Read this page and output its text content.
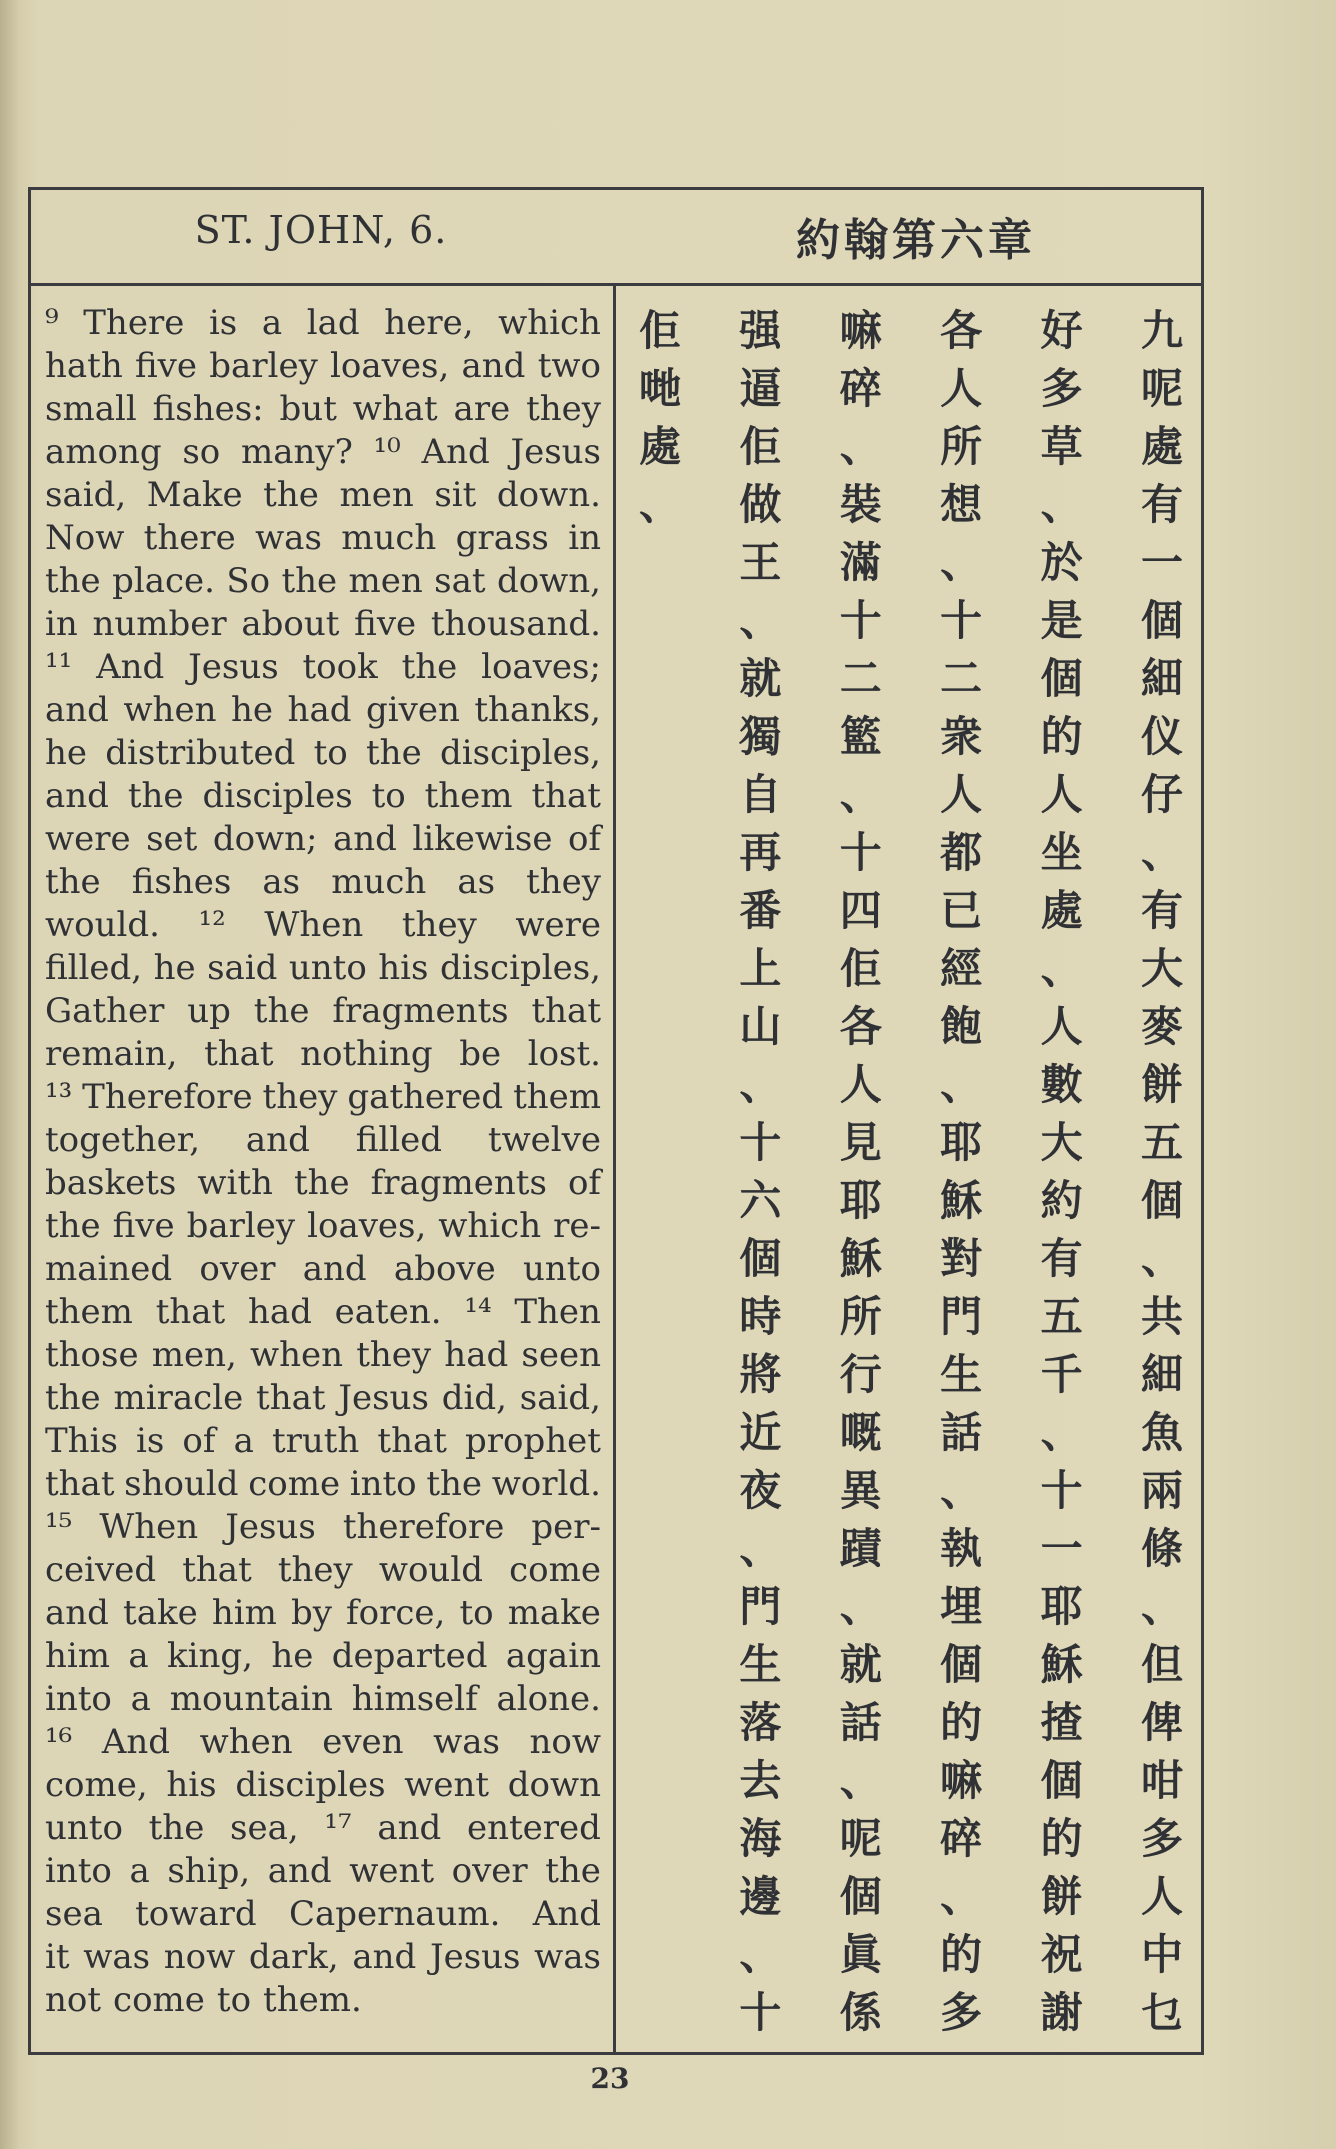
ST. JOHN, 6.	約翰第六章
⁹ There is a lad here, which
hath five barley loaves, and two
small fishes: but what are they
among so many? ¹⁰ And Jesus
said, Make the men sit down.
Now there was much grass in
the place. So the men sat down,
in number about five thousand.
¹¹ And Jesus took the loaves;
and when he had given thanks,
he distributed to the disciples,
and the disciples to them that
were set down; and likewise of
the fishes as much as they
would. ¹² When they were
filled, he said unto his disciples,
Gather up the fragments that
remain, that nothing be lost.
¹³ Therefore they gathered them
together, and filled twelve
baskets with the fragments of
the five barley loaves, which re-
mained over and above unto
them that had eaten. ¹⁴ Then
those men, when they had seen
the miracle that Jesus did, said,
This is of a truth that prophet
that should come into the world.
¹⁵ When Jesus therefore per-
ceived that they would come
and take him by force, to make
him a king, he departed again
into a mountain himself alone.
¹⁶ And when even was now
come, his disciples went down
unto the sea, ¹⁷ and entered
into a ship, and went over the
sea toward Capernaum. And
it was now dark, and Jesus was
not come to them.
九
呢
處
有
一
個
細
仪
仔
、
有
大
麥
餅
五
個
、
共
細
魚
兩
條
、
但
俾
咁
多
人
中
乜
好
多
草
、
於
是
個
的
人
坐
處
、
人
數
大
約
有
五
千
、
十
一
耶
穌
揸
個
的
餅
祝
謝
各
人
所
想
、
十
二
衆
人
都
已
經
飽
、
耶
穌
對
門
生
話
、
執
埋
個
的
嘛
碎
、
的
多
嘛
碎
、
裝
滿
十
二
籃
、
十
四
佢
各
人
見
耶
穌
所
行
嘅
異
蹟
、
就
話
、
呢
個
眞
係
强
逼
佢
做
王
、
就
獨
自
再
番
上
山
、
十
六
個
時
將
近
夜
、
門
生
落
去
海
邊
、
十
佢
哋
處
、
23
